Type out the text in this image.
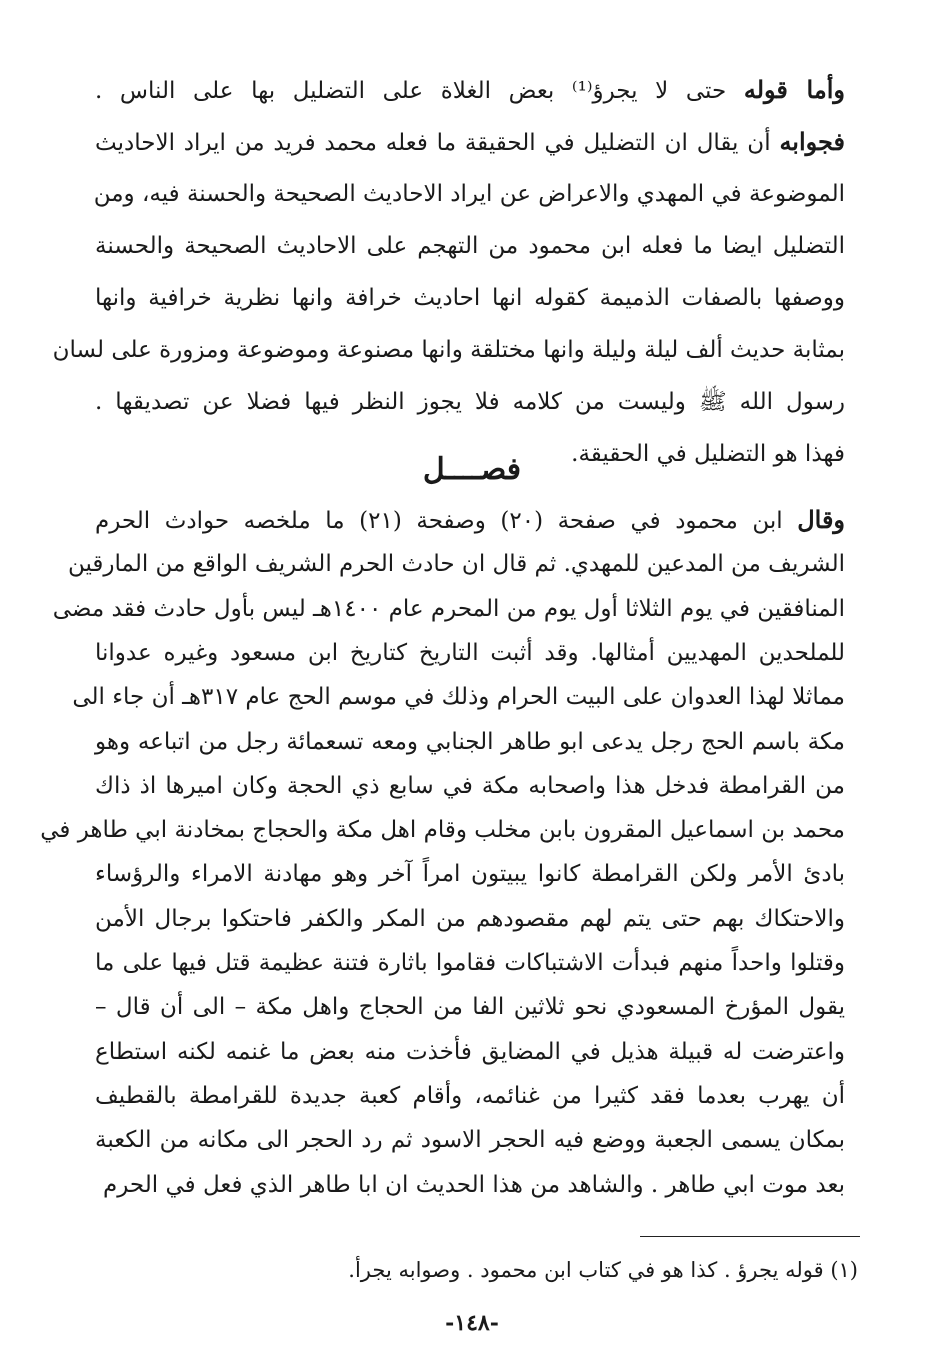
وأما قوله حتى لا يجرؤ⁽¹⁾ بعض الغلاة على التضليل بها على الناس .
فجوابه أن يقال ان التضليل في الحقيقة ما فعله محمد فريد من ايراد الاحاديث
الموضوعة في المهدي والاعراض عن ايراد الاحاديث الصحيحة والحسنة فيه، ومن
التضليل ايضا ما فعله ابن محمود من التهجم على الاحاديث الصحيحة والحسنة
ووصفها بالصفات الذميمة كقوله انها احاديث خرافة وانها نظرية خرافية وانها
بمثابة حديث ألف ليلة وليلة وانها مختلقة وانها مصنوعة وموضوعة ومزورة على لسان
رسول الله ﷺ وليست من كلامه فلا يجوز النظر فيها فضلا عن تصديقها .
فهذا هو التضليل في الحقيقة.
فصــــل
وقال ابن محمود في صفحة (٢٠) وصفحة (٢١) ما ملخصه حوادث الحرم
الشريف من المدعين للمهدي. ثم قال ان حادث الحرم الشريف الواقع من المارقين
المنافقين في يوم الثلاثا أول يوم من المحرم عام ١٤٠٠هـ ليس بأول حادث فقد مضى
للملحدين المهديين أمثالها. وقد أثبت التاريخ كتاريخ ابن مسعود وغيره عدوانا
مماثلا لهذا العدوان على البيت الحرام وذلك في موسم الحج عام ٣١٧هـ أن جاء الى
مكة باسم الحج رجل يدعى ابو طاهر الجنابي ومعه تسعمائة رجل من اتباعه وهو
من القرامطة فدخل هذا واصحابه مكة في سابع ذي الحجة وكان اميرها اذ ذاك
محمد بن اسماعيل المقرون بابن مخلب وقام اهل مكة والحجاج بمخادنة ابي طاهر في
بادئ الأمر ولكن القرامطة كانوا يبيتون امراً آخر وهو مهادنة الامراء والرؤساء
والاحتكاك بهم حتى يتم لهم مقصودهم من المكر والكفر فاحتكوا برجال الأمن
وقتلوا واحداً منهم فبدأت الاشتباكات فقاموا باثارة فتنة عظيمة قتل فيها على ما
يقول المؤرخ المسعودي نحو ثلاثين الفا من الحجاج واهل مكة – الى أن قال –
واعترضت له قبيلة هذيل في المضايق فأخذت منه بعض ما غنمه لكنه استطاع
أن يهرب بعدما فقد كثيرا من غنائمه، وأقام كعبة جديدة للقرامطة بالقطيف
بمكان يسمى الجعبة ووضع فيه الحجر الاسود ثم رد الحجر الى مكانه من الكعبة
بعد موت ابي طاهر . والشاهد من هذا الحديث ان ابا طاهر الذي فعل في الحرم
(١) قوله يجرؤ . كذا هو في كتاب ابن محمود . وصوابه يجرأ.
-١٤٨-
